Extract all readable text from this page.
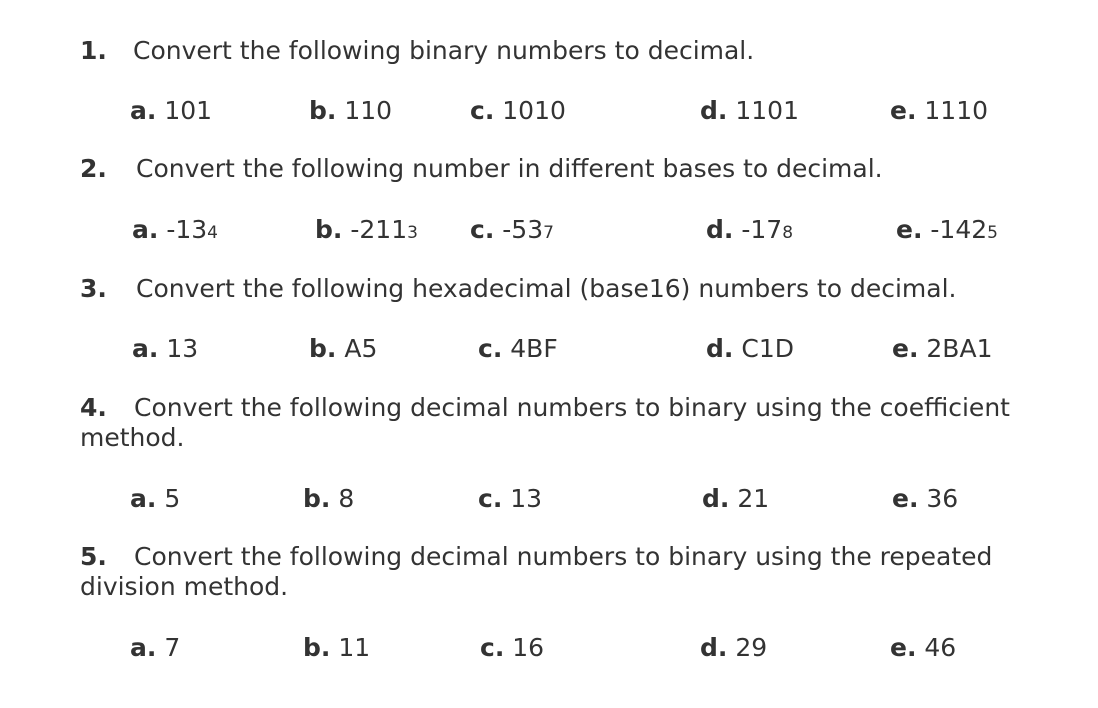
1. Convert the following binary numbers to decimal.
a. 101	b. 110	c. 1010	d. 1101	e. 1110
2. Convert the following number in different bases to decimal.
a. -134	b. -2113 c. -537	d. -178	e. -1425
3. Convert the following hexadecimal (base16) numbers to decimal.
a. 13	b. A5	c. 4BF	d. C1D	e. 2BA1
4. Convert the following decimal numbers to binary using the coefficient method.
a. 5	b. 8	c. 13	d. 21	e. 36
5. Convert the following decimal numbers to binary using the repeated division method.
a. 7	b. 11	c. 16	d. 29	e. 46
